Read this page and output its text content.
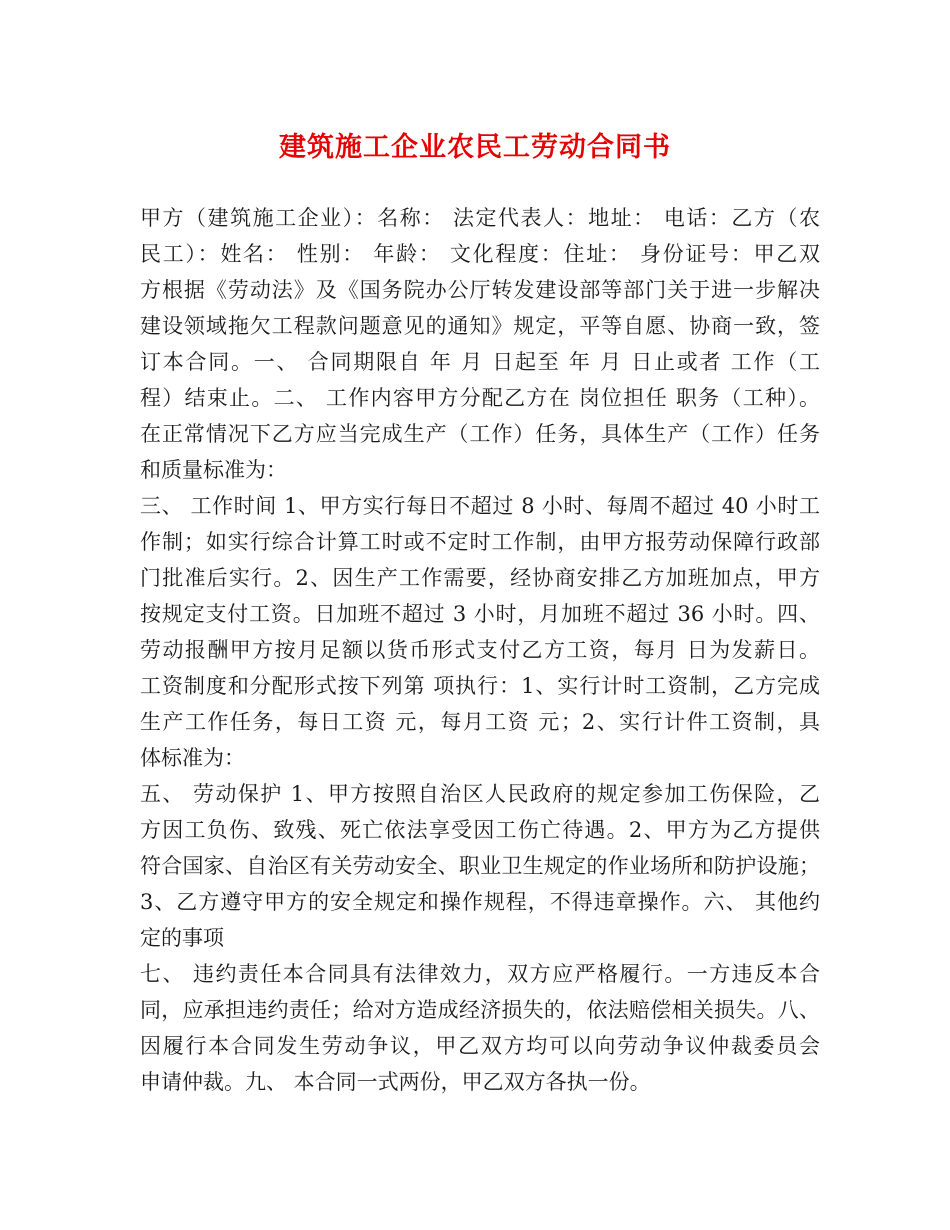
建筑施工企业农民工劳动合同书
甲方（建筑施工企业）：名称： 法定代表人：地址： 电话：乙方（农
民工）：姓名： 性别： 年龄： 文化程度：住址： 身份证号：甲乙双
方根据《劳动法》及《国务院办公厅转发建设部等部门关于进一步解决
建设领域拖欠工程款问题意见的通知》规定，平等自愿、协商一致，签
订本合同。一、 合同期限自 年 月 日起至 年 月 日止或者 工作（工
程）结束止。二、 工作内容甲方分配乙方在 岗位担任 职务（工种）。
在正常情况下乙方应当完成生产（工作）任务，具体生产（工作）任务
和质量标准为：
三、 工作时间 1、甲方实行每日不超过 8 小时、每周不超过 40 小时工
作制；如实行综合计算工时或不定时工作制，由甲方报劳动保障行政部
门批准后实行。2、因生产工作需要，经协商安排乙方加班加点，甲方
按规定支付工资。日加班不超过 3 小时，月加班不超过 36 小时。四、
劳动报酬甲方按月足额以货币形式支付乙方工资，每月 日为发薪日。
工资制度和分配形式按下列第 项执行：1、实行计时工资制，乙方完成
生产工作任务，每日工资 元，每月工资 元；2、实行计件工资制，具
体标准为：
五、 劳动保护 1、甲方按照自治区人民政府的规定参加工伤保险，乙
方因工负伤、致残、死亡依法享受因工伤亡待遇。2、甲方为乙方提供
符合国家、自治区有关劳动安全、职业卫生规定的作业场所和防护设施；
3、乙方遵守甲方的安全规定和操作规程，不得违章操作。六、 其他约
定的事项
七、 违约责任本合同具有法律效力，双方应严格履行。一方违反本合
同，应承担违约责任；给对方造成经济损失的，依法赔偿相关损失。八、
因履行本合同发生劳动争议，甲乙双方均可以向劳动争议仲裁委员会
申请仲裁。九、 本合同一式两份，甲乙双方各执一份。
